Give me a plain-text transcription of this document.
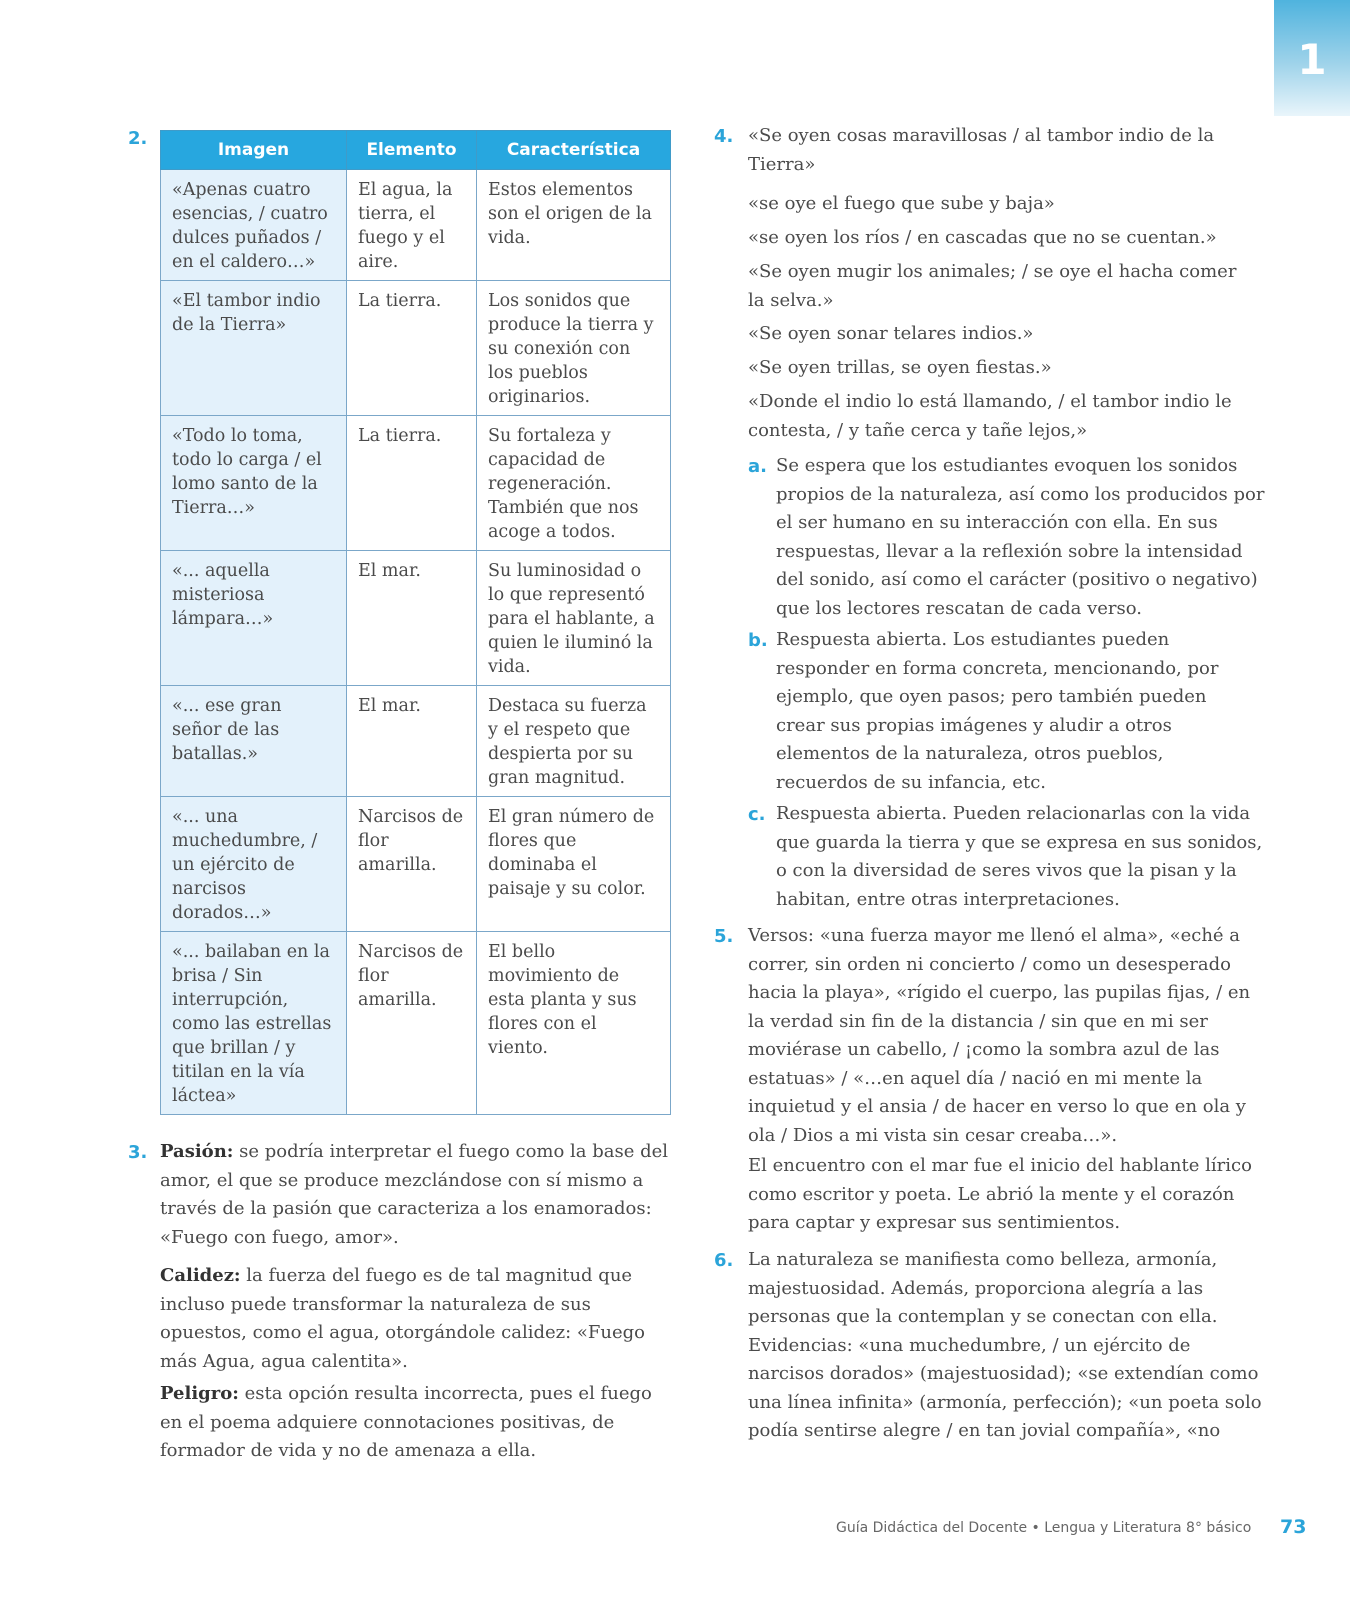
1
2.
Imagen	Elemento	Característica
«Apenas cuatro esencias, / cuatro dulces puñados / en el caldero…»	El agua, la tierra, el fuego y el aire.	Estos elementos son el origen de la vida.
«El tambor indio de la Tierra»	La tierra.	Los sonidos que produce la tierra y su conexión con los pueblos originarios.
«Todo lo toma, todo lo carga / el lomo santo de la Tierra…»	La tierra.	Su fortaleza y capacidad de regeneración. También que nos acoge a todos.
«... aquella misteriosa lámpara…»	El mar.	Su luminosidad o lo que representó para el hablante, a quien le iluminó la vida.
«... ese gran señor de las batallas.»	El mar.	Destaca su fuerza y el respeto que despierta por su gran magnitud.
«... una muchedumbre, / un ejército de narcisos dorados…»	Narcisos de flor amarilla.	El gran número de flores que dominaba el paisaje y su color.
«... bailaban en la brisa / Sin interrupción, como las estrellas que brillan / y titilan en la vía láctea»	Narcisos de flor amarilla.	El bello movimiento de esta planta y sus flores con el viento.
3. Pasión: se podría interpretar el fuego como la base del amor, el que se produce mezclándose con sí mismo a través de la pasión que caracteriza a los enamorados: «Fuego con fuego, amor».
Calidez: la fuerza del fuego es de tal magnitud que incluso puede transformar la naturaleza de sus opuestos, como el agua, otorgándole calidez: «Fuego más Agua, agua calentita».
Peligro: esta opción resulta incorrecta, pues el fuego en el poema adquiere connotaciones positivas, de formador de vida y no de amenaza a ella.
4. «Se oyen cosas maravillosas / al tambor indio de la Tierra»
«se oye el fuego que sube y baja»
«se oyen los ríos / en cascadas que no se cuentan.»
«Se oyen mugir los animales; / se oye el hacha comer la selva.»
«Se oyen sonar telares indios.»
«Se oyen trillas, se oyen fiestas.»
«Donde el indio lo está llamando, / el tambor indio le contesta, / y tañe cerca y tañe lejos,»
a. Se espera que los estudiantes evoquen los sonidos propios de la naturaleza, así como los producidos por el ser humano en su interacción con ella. En sus respuestas, llevar a la reflexión sobre la intensidad del sonido, así como el carácter (positivo o negativo) que los lectores rescatan de cada verso.
b. Respuesta abierta. Los estudiantes pueden responder en forma concreta, mencionando, por ejemplo, que oyen pasos; pero también pueden crear sus propias imágenes y aludir a otros elementos de la naturaleza, otros pueblos, recuerdos de su infancia, etc.
c. Respuesta abierta. Pueden relacionarlas con la vida que guarda la tierra y que se expresa en sus sonidos, o con la diversidad de seres vivos que la pisan y la habitan, entre otras interpretaciones.
5. Versos: «una fuerza mayor me llenó el alma», «eché a correr, sin orden ni concierto / como un desesperado hacia la playa», «rígido el cuerpo, las pupilas fijas, / en la verdad sin fin de la distancia / sin que en mi ser moviérase un cabello, / ¡como la sombra azul de las estatuas» / «…en aquel día / nació en mi mente la inquietud y el ansia / de hacer en verso lo que en ola y ola / Dios a mi vista sin cesar creaba…».
El encuentro con el mar fue el inicio del hablante lírico como escritor y poeta. Le abrió la mente y el corazón para captar y expresar sus sentimientos.
6. La naturaleza se manifiesta como belleza, armonía, majestuosidad. Además, proporciona alegría a las personas que la contemplan y se conectan con ella. Evidencias: «una muchedumbre, / un ejército de narcisos dorados» (majestuosidad); «se extendían como una línea infinita» (armonía, perfección); «un poeta solo podía sentirse alegre / en tan jovial compañía», «no
Guía Didáctica del Docente • Lengua y Literatura 8° básico	73
